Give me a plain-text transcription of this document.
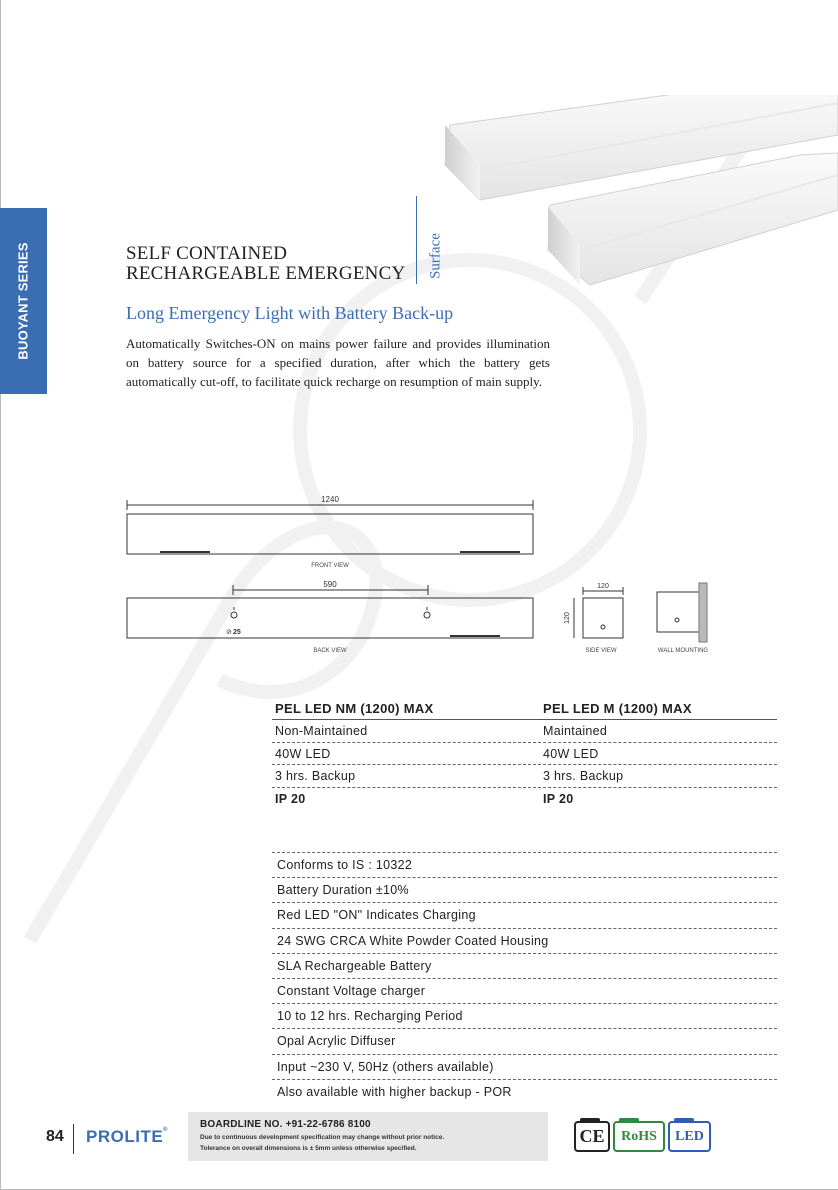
BUOYANT SERIES	SELF CONTAINED
RECHARGEABLE EMERGENCY Surface
Long Emergency Light with Battery Back-up
Automatically Switches-ON on mains power failure and provides illumination on battery source for a specified duration, after which the battery gets automatically cut-off, to facilitate quick recharge on resumption of main supply.
1240
FRONT VIEW
590
⊘ 25
BACK VIEW
120
120
SIDE VIEW	WALL MOUNTING
PEL LED NM (1200) MAX	PEL LED M (1200) MAX
Non-Maintained	Maintained
40W LED	40W LED
3 hrs. Backup	3 hrs. Backup
IP 20	IP 20
Conforms to IS : 10322
Battery Duration ±10%
Red LED "ON" Indicates Charging
24 SWG CRCA White Powder Coated Housing
SLA Rechargeable Battery
Constant Voltage charger
10 to 12 hrs. Recharging Period
Opal Acrylic Diffuser
Input ~230 V, 50Hz (others available)
Also available with higher backup - POR
84 PROLITE®	BOARDLINE NO. +91-22-6786 8100
Due to continuous development specification may change without prior notice.
Tolerance on overall dimensions is ± 5mm unless otherwise specified.
CE RoHS LED
